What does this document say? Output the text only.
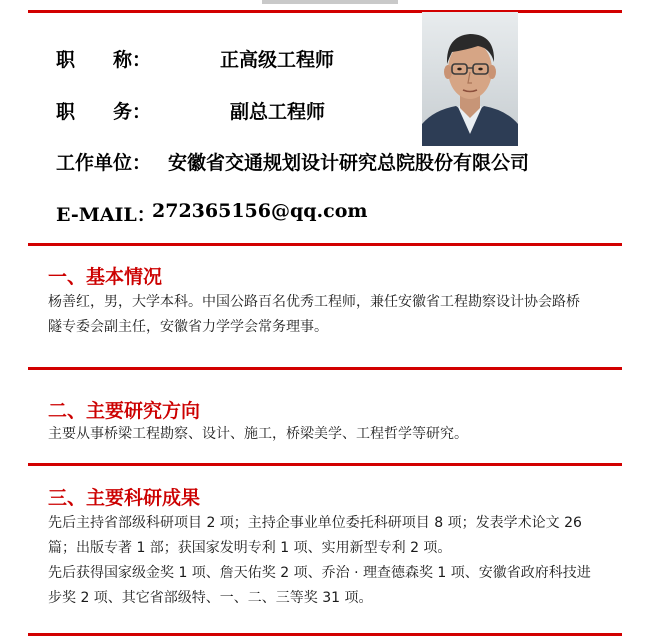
职　　称：	正高级工程师
职　　务：	副总工程师
工作单位： 安徽省交通规划设计研究总院股份有限公司
E-MAIL：
272365156@qq.com
一、基本情况
杨善红，男，大学本科。中国公路百名优秀工程师，兼任安徽省工程勘察设计协会路桥
隧专委会副主任，安徽省力学学会常务理事。
二、主要研究方向
主要从事桥梁工程勘察、设计、施工，桥梁美学、工程哲学等研究。
三、主要科研成果
先后主持省部级科研项目 2 项；主持企事业单位委托科研项目 8 项；发表学术论文 26
篇；出版专著 1 部；获国家发明专利 1 项、实用新型专利 2 项。
先后获得国家级金奖 1 项、詹天佑奖 2 项、乔治 · 理查德森奖 1 项、安徽省政府科技进
步奖 2 项、其它省部级特、一、二、三等奖 31 项。
